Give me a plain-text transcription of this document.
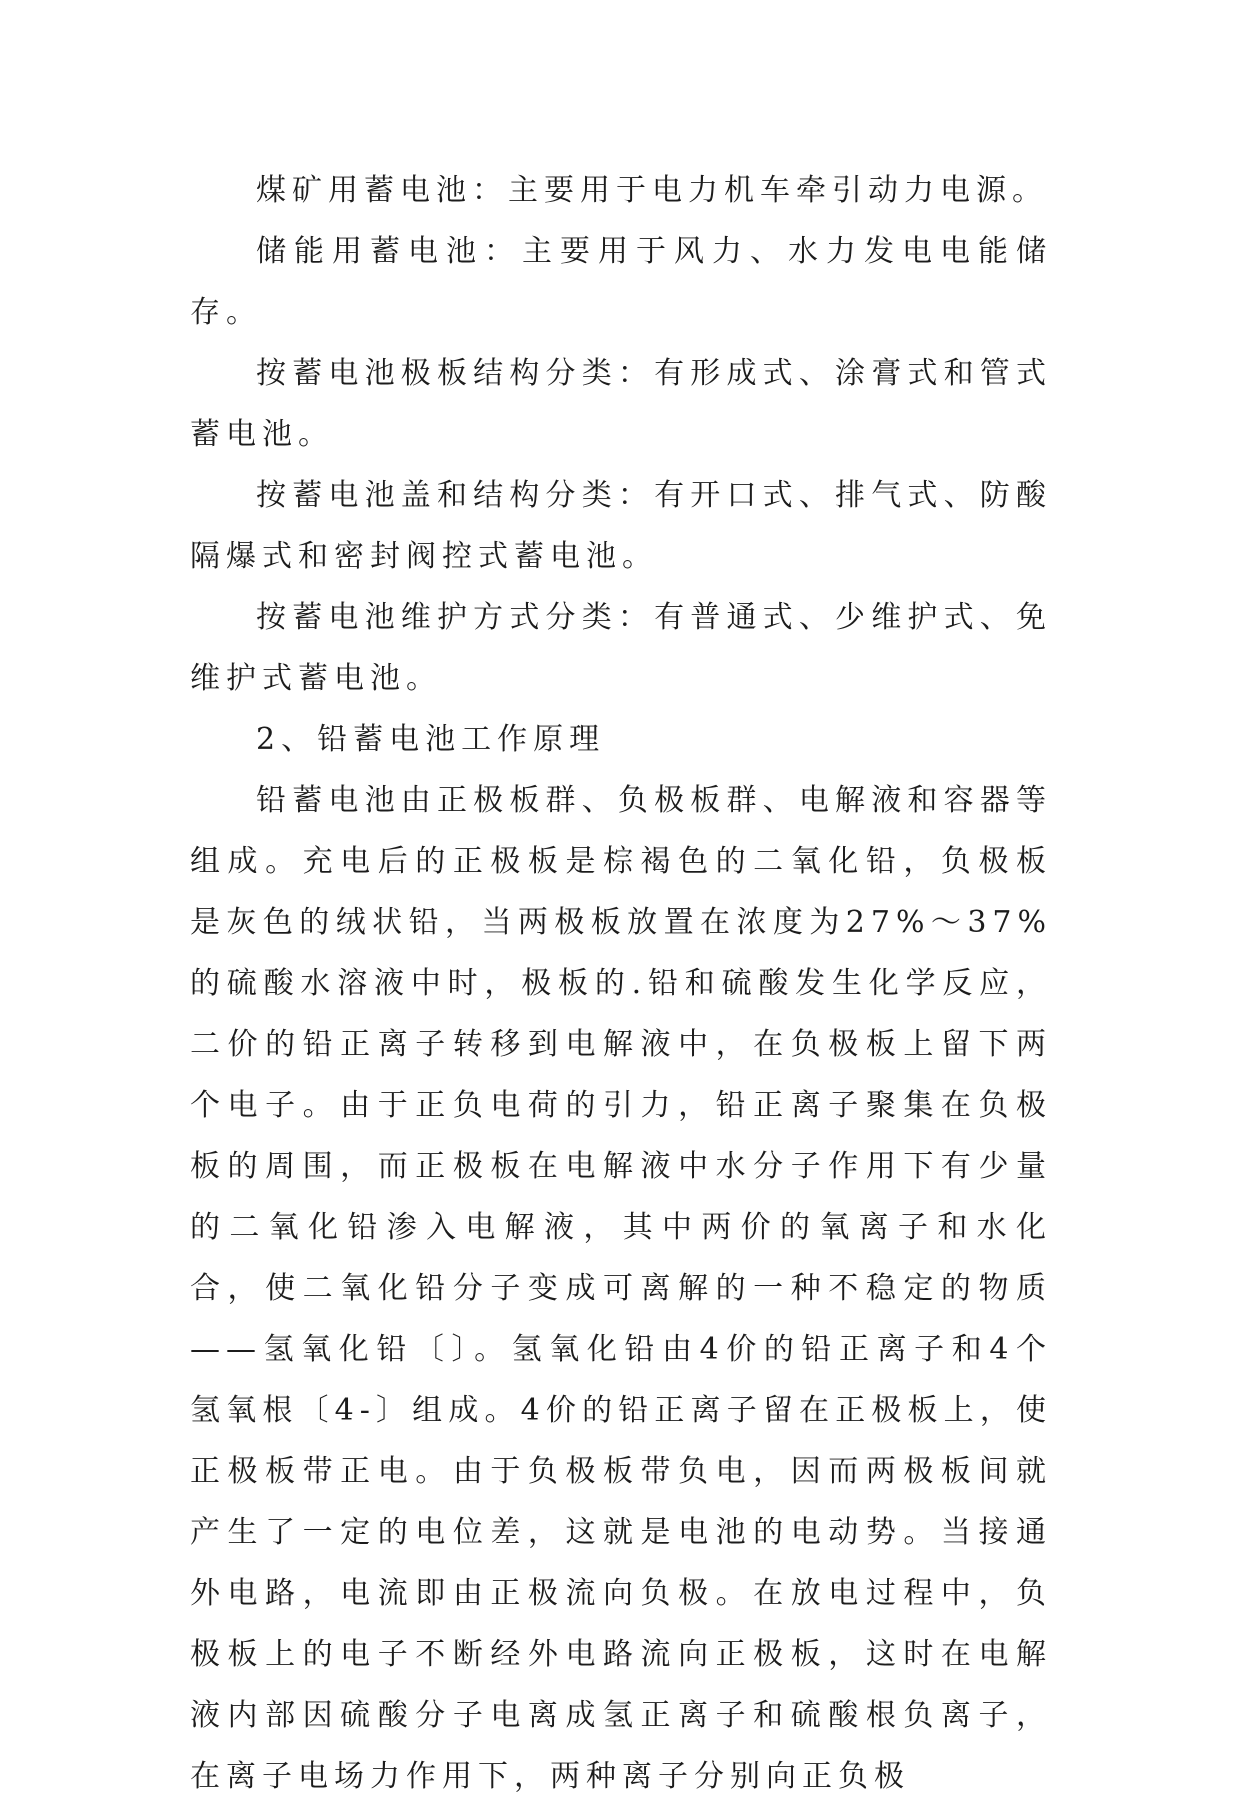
煤矿用蓄电池：主要用于电力机车牵引动力电源。

储能用蓄电池：主要用于风力、水力发电电能储存。

按蓄电池极板结构分类：有形成式、涂膏式和管式蓄电池。

按蓄电池盖和结构分类：有开口式、排气式、防酸隔爆式和密封阀控式蓄电池。

按蓄电池维护方式分类：有普通式、少维护式、免维护式蓄电池。

2、铅蓄电池工作原理

铅蓄电池由正极板群、负极板群、电解液和容器等组成。充电后的正极板是棕褐色的二氧化铅，负极板是灰色的绒状铅，当两极板放置在浓度为27%～37%的硫酸水溶液中时，极板的.铅和硫酸发生化学反应，二价的铅正离子转移到电解液中，在负极板上留下两个电子。由于正负电荷的引力，铅正离子聚集在负极板的周围，而正极板在电解液中水分子作用下有少量的二氧化铅渗入电解液，其中两价的氧离子和水化合，使二氧化铅分子变成可离解的一种不稳定的物质——氢氧化铅〔〕。氢氧化铅由4价的铅正离子和4个氢氧根〔4-〕组成。4价的铅正离子留在正极板上，使正极板带正电。由于负极板带负电，因而两极板间就产生了一定的电位差，这就是电池的电动势。当接通外电路，电流即由正极流向负极。在放电过程中，负极板上的电子不断经外电路流向正极板，这时在电解液内部因硫酸分子电离成氢正离子和硫酸根负离子，在离子电场力作用下，两种离子分别向正负极
